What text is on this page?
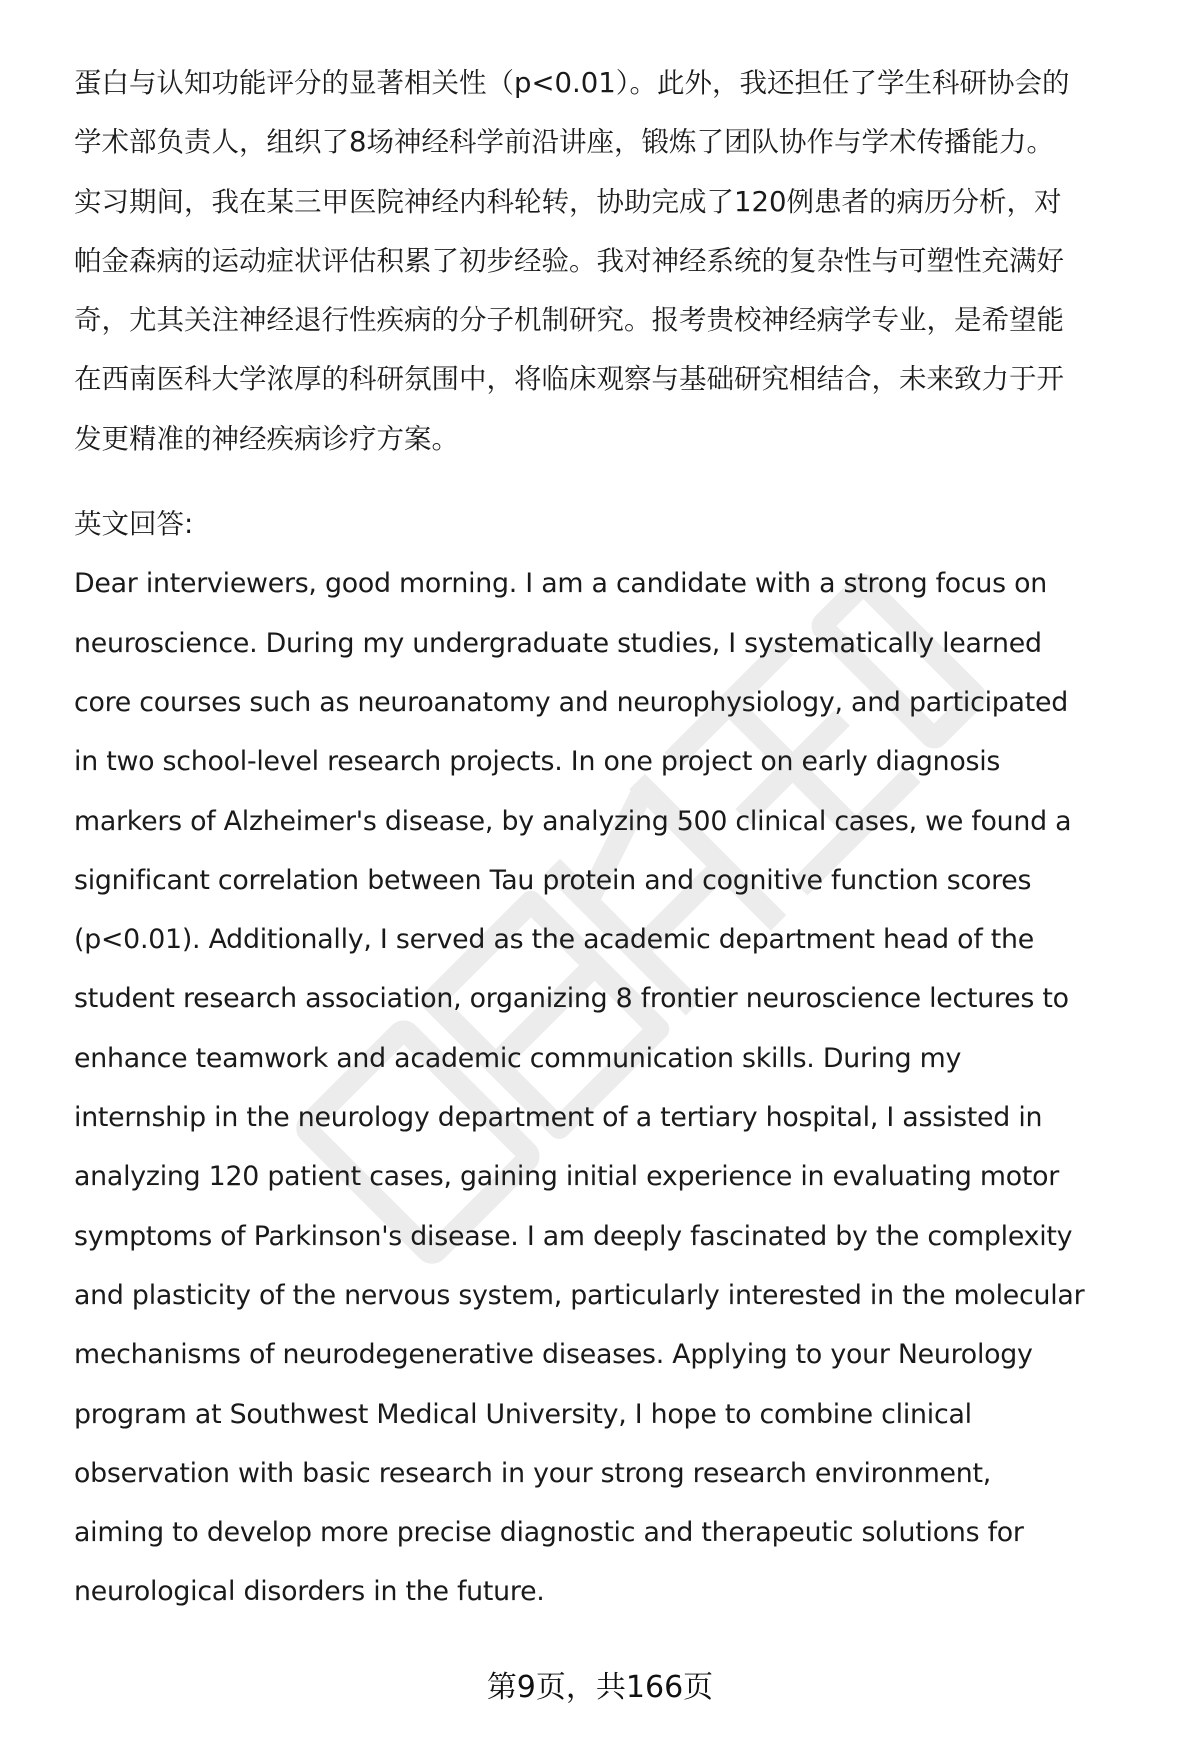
蛋白与认知功能评分的显著相关性（p<0.01）。此外，我还担任了学生科研协会的
学术部负责人，组织了8场神经科学前沿讲座，锻炼了团队协作与学术传播能力。
实习期间，我在某三甲医院神经内科轮转，协助完成了120例患者的病历分析，对
帕金森病的运动症状评估积累了初步经验。我对神经系统的复杂性与可塑性充满好
奇，尤其关注神经退行性疾病的分子机制研究。报考贵校神经病学专业，是希望能
在西南医科大学浓厚的科研氛围中，将临床观察与基础研究相结合，未来致力于开
发更精准的神经疾病诊疗方案。

英文回答:

Dear interviewers, good morning. I am a candidate with a strong focus on
neuroscience. During my undergraduate studies, I systematically learned
core courses such as neuroanatomy and neurophysiology, and participated
in two school-level research projects. In one project on early diagnosis
markers of Alzheimer's disease, by analyzing 500 clinical cases, we found a
significant correlation between Tau protein and cognitive function scores
(p<0.01). Additionally, I served as the academic department head of the
student research association, organizing 8 frontier neuroscience lectures to
enhance teamwork and academic communication skills. During my
internship in the neurology department of a tertiary hospital, I assisted in
analyzing 120 patient cases, gaining initial experience in evaluating motor
symptoms of Parkinson's disease. I am deeply fascinated by the complexity
and plasticity of the nervous system, particularly interested in the molecular
mechanisms of neurodegenerative diseases. Applying to your Neurology
program at Southwest Medical University, I hope to combine clinical
observation with basic research in your strong research environment,
aiming to develop more precise diagnostic and therapeutic solutions for
neurological disorders in the future.

第9页，共166页
